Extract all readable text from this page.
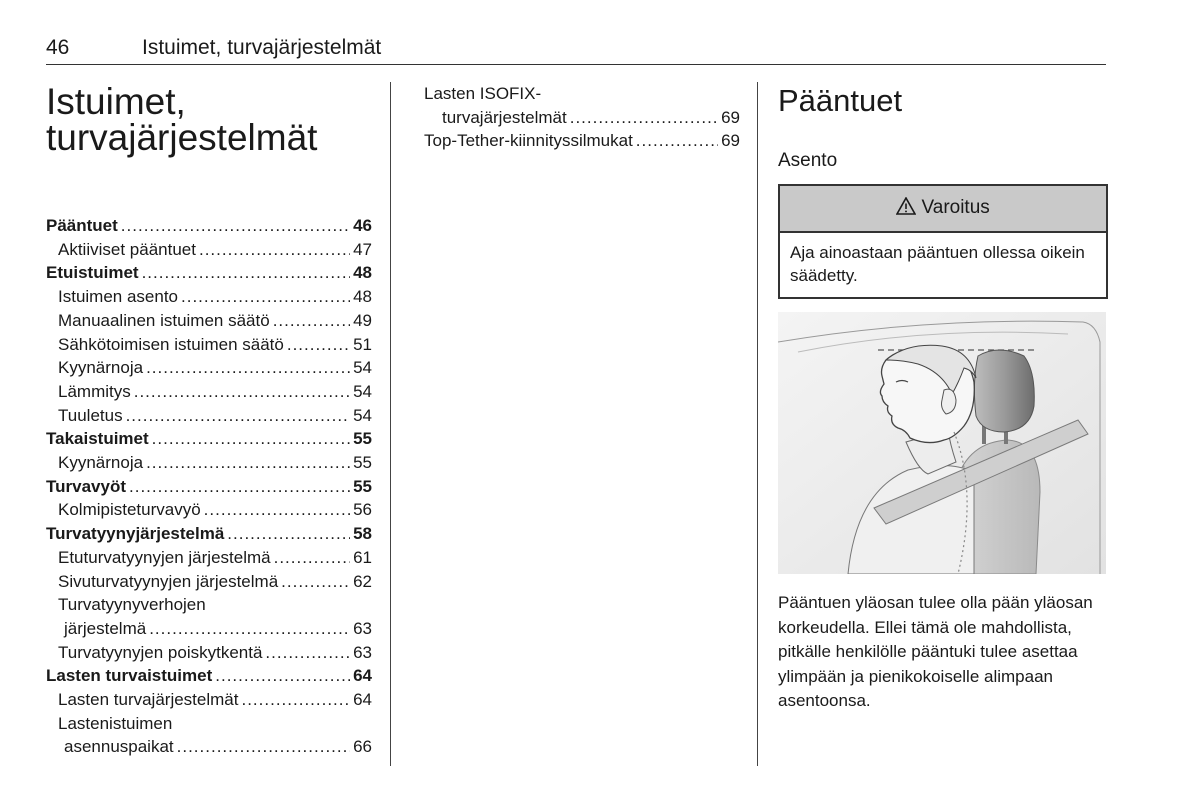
46	Istuimet, turvajärjestelmät
Istuimet,
turvajärjestelmät
Pääntuet .....	46
Aktiiviset pääntuet .....	47
Etuistuimet .....	48
Istuimen asento .....	48
Manuaalinen istuimen säätö .....	49
Sähkötoimisen istuimen säätö .....	51
Kyynärnoja .....	54
Lämmitys .....	54
Tuuletus .....	54
Takaistuimet .....	55
Kyynärnoja .....	55
Turvavyöt .....	55
Kolmipisteturvavyö .....	56
Turvatyynyjärjestelmä .....	58
Etuturvatyynyjen järjestelmä .....	61
Sivuturvatyynyjen järjestelmä .....	62
Turvatyynyverhojen
järjestelmä .....	63
Turvatyynyjen poiskytkentä .....	63
Lasten turvaistuimet .....	64
Lasten turvajärjestelmät .....	64
Lastenistuimen
asennuspaikat .....	66
Lasten ISOFIX-
turvajärjestelmät .....	69
Top-Tether-kiinnityssilmukat .....	69
Pääntuet
Asento
Varoitus
Aja ainoastaan pääntuen ollessa oikein säädetty.
Pääntuen yläosan tulee olla pään yläosan korkeudella. Ellei tämä ole mahdollista, pitkälle henkilölle pääntuki tulee asettaa ylimpään ja pienikokoiselle alimpaan asentoonsa.
